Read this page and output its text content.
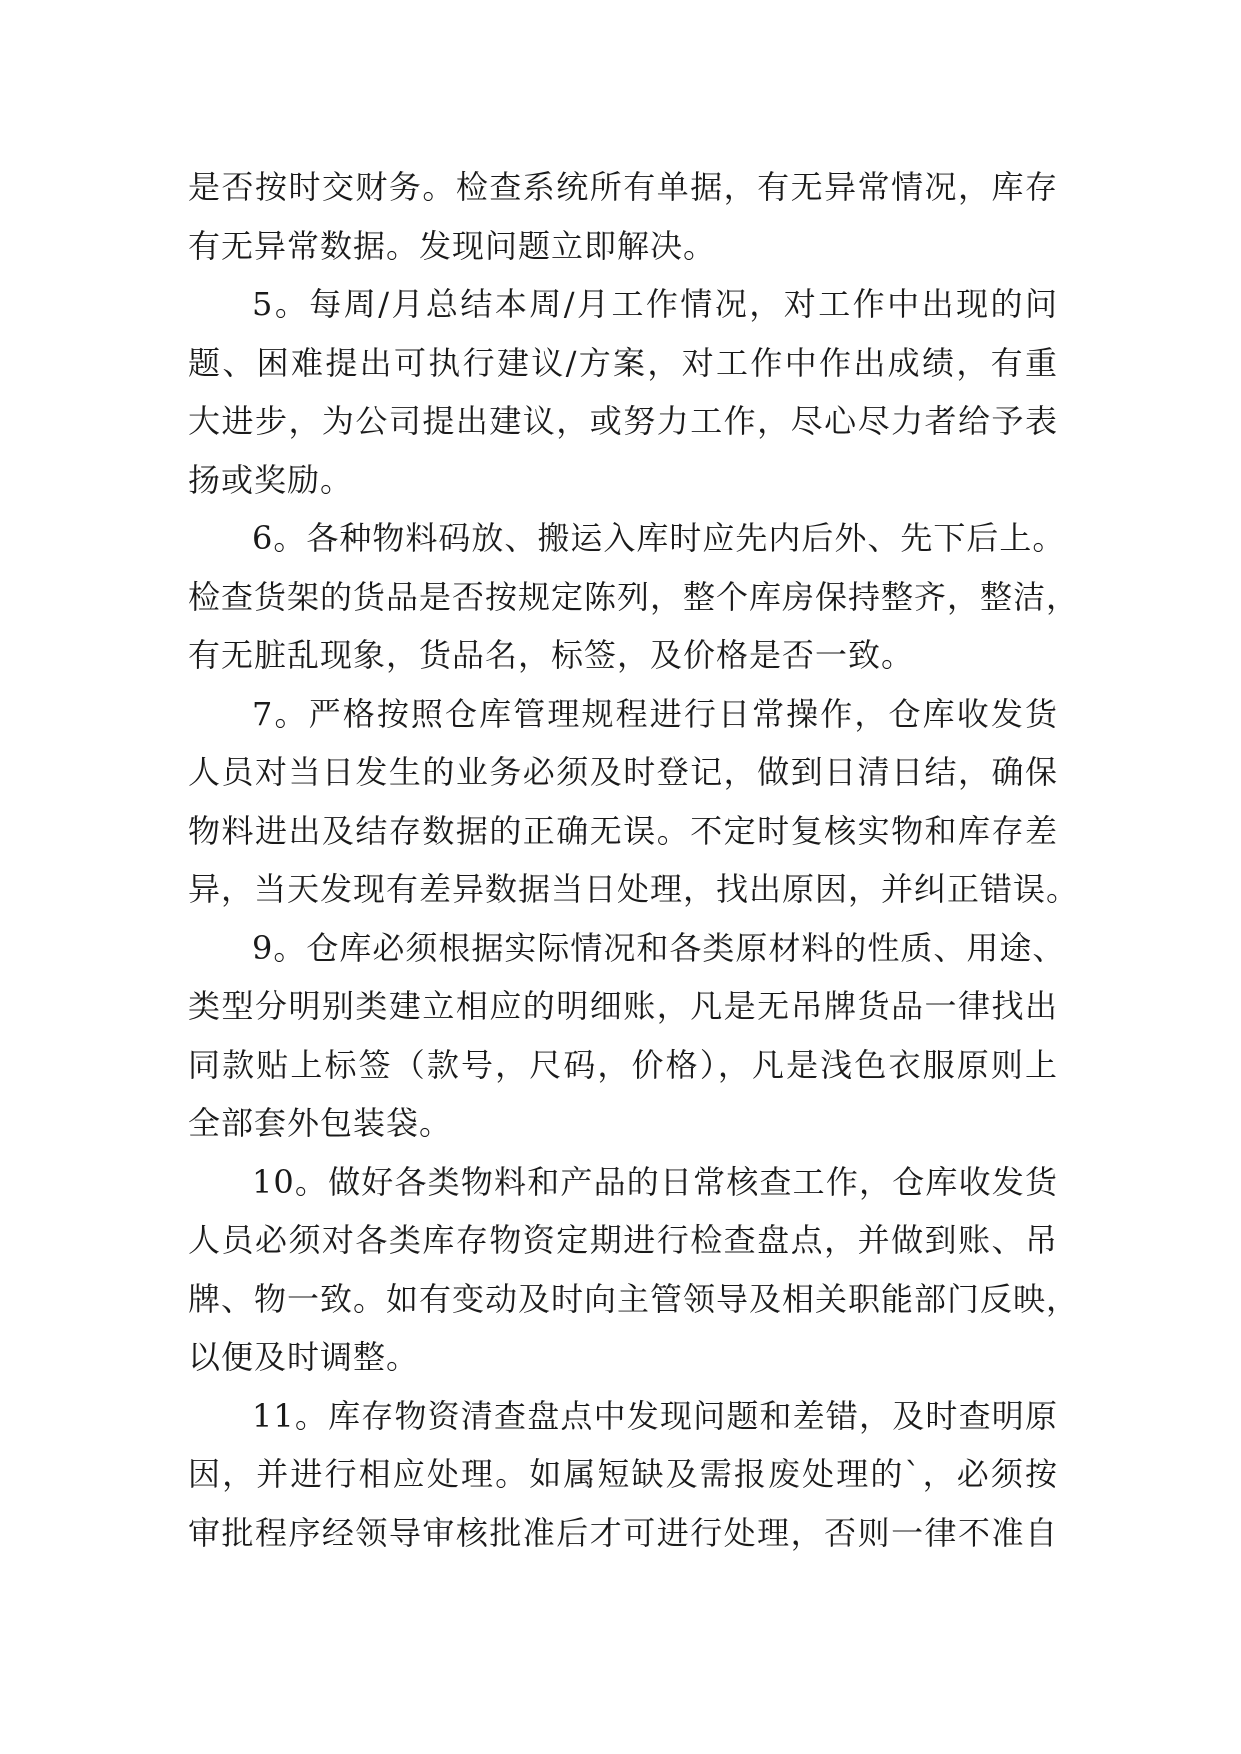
是否按时交财务。检查系统所有单据，有无异常情况，库存
有无异常数据。发现问题立即解决。
5。每周/月总结本周/月工作情况，对工作中出现的问
题、困难提出可执行建议/方案，对工作中作出成绩，有重
大进步，为公司提出建议，或努力工作，尽心尽力者给予表
扬或奖励。
6。各种物料码放、搬运入库时应先内后外、先下后上。
检查货架的货品是否按规定陈列，整个库房保持整齐，整洁，
有无脏乱现象，货品名，标签，及价格是否一致。
7。严格按照仓库管理规程进行日常操作，仓库收发货
人员对当日发生的业务必须及时登记，做到日清日结，确保
物料进出及结存数据的正确无误。不定时复核实物和库存差
异，当天发现有差异数据当日处理，找出原因，并纠正错误。
9。仓库必须根据实际情况和各类原材料的性质、用途、
类型分明别类建立相应的明细账，凡是无吊牌货品一律找出
同款贴上标签（款号，尺码，价格），凡是浅色衣服原则上
全部套外包装袋。
10。做好各类物料和产品的日常核查工作，仓库收发货
人员必须对各类库存物资定期进行检查盘点，并做到账、吊
牌、物一致。如有变动及时向主管领导及相关职能部门反映，
以便及时调整。
11。库存物资清查盘点中发现问题和差错，及时查明原
因，并进行相应处理。如属短缺及需报废处理的`，必须按
审批程序经领导审核批准后才可进行处理，否则一律不准自
